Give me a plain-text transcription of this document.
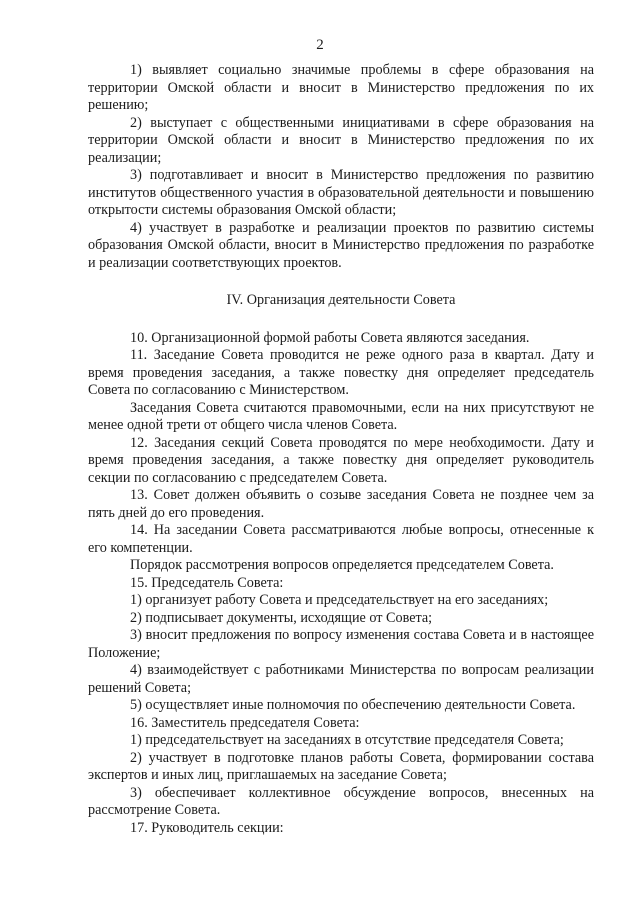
2

1) выявляет социально значимые проблемы в сфере образования на территории Омской области и вносит в Министерство предложения по их решению;

2) выступает с общественными инициативами в сфере образования на территории Омской области и вносит в Министерство предложения по их реализации;

3) подготавливает и вносит в Министерство предложения по развитию институтов общественного участия в образовательной деятельности и повышению открытости системы образования Омской области;

4) участвует в разработке и реализации проектов по развитию системы образования Омской области, вносит в Министерство предложения по разработке и реализации соответствующих проектов.

IV. Организация деятельности Совета

10. Организационной формой работы Совета являются заседания.

11. Заседание Совета проводится не реже одного раза в квартал. Дату и время проведения заседания, а также повестку дня определяет председатель Совета по согласованию с Министерством.

Заседания Совета считаются правомочными, если на них присутствуют не менее одной трети от общего числа членов Совета.

12. Заседания секций Совета проводятся по мере необходимости. Дату и время проведения заседания, а также повестку дня определяет руководитель секции по согласованию с председателем Совета.

13. Совет должен объявить о созыве заседания Совета не позднее чем за пять дней до его проведения.

14. На заседании Совета рассматриваются любые вопросы, отнесенные к его компетенции.

Порядок рассмотрения вопросов определяется председателем Совета.

15. Председатель Совета:

1) организует работу Совета и председательствует на его заседаниях;

2) подписывает документы, исходящие от Совета;

3) вносит предложения по вопросу изменения состава Совета и в настоящее Положение;

4) взаимодействует с работниками Министерства по вопросам реализации решений Совета;

5) осуществляет иные полномочия по обеспечению деятельности Совета.

16. Заместитель председателя Совета:

1) председательствует на заседаниях в отсутствие председателя Совета;

2) участвует в подготовке планов работы Совета, формировании состава экспертов и иных лиц, приглашаемых на заседание Совета;

3) обеспечивает коллективное обсуждение вопросов, внесенных на рассмотрение Совета.

17. Руководитель секции:
